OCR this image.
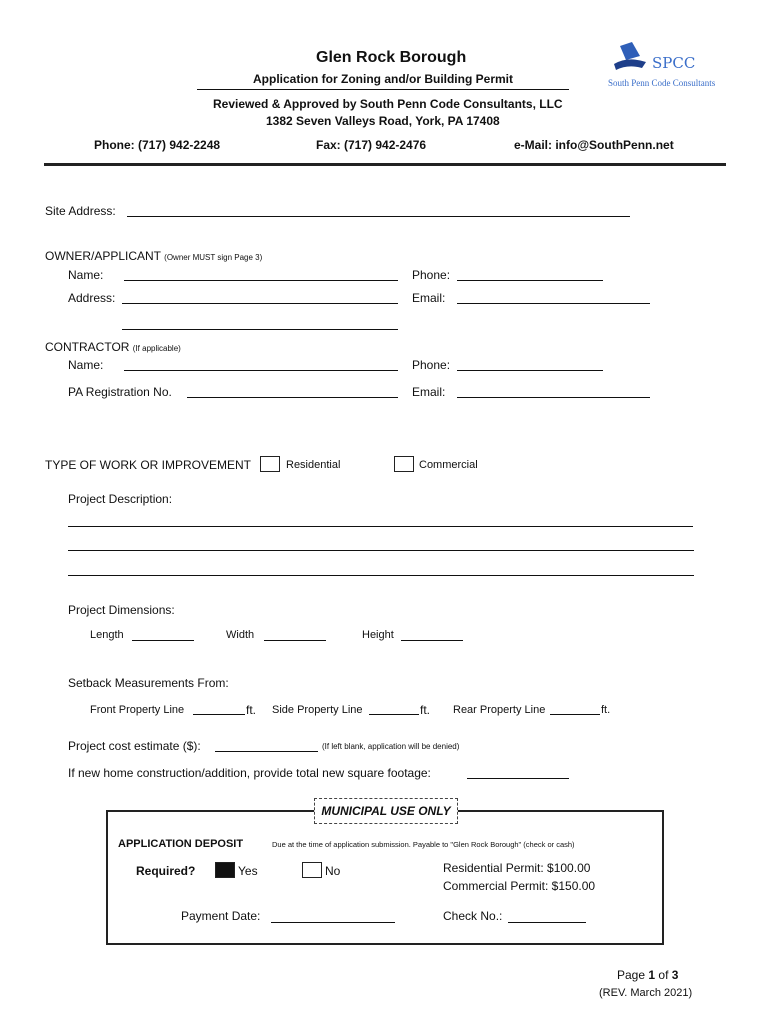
Glen Rock Borough
Application for Zoning and/or Building Permit
Reviewed & Approved by South Penn Code Consultants, LLC
1382 Seven Valleys Road, York, PA 17408
Phone: (717) 942-2248	Fax: (717) 942-2476	e-Mail: info@SouthPenn.net
SPCC
South Penn Code Consultants
Site Address:
OWNER/APPLICANT (Owner MUST sign Page 3)
Name:	Phone:
Address:	Email:
CONTRACTOR (If applicable)
Name:	Phone:
PA Registration No.	Email:
TYPE OF WORK OR IMPROVEMENT	Residential	Commercial
Project Description:
Project Dimensions:
Length	Width	Height
Setback Measurements From:
Front Property Line	ft. Side Property Line	ft. Rear Property Line	ft.
Project cost estimate ($):	(If left blank, application will be denied)
If new home construction/addition, provide total new square footage:
MUNICIPAL USE ONLY
APPLICATION DEPOSIT	Due at the time of application submission. Payable to "Glen Rock Borough" (check or cash)
Required?	Yes	No	Residential Permit: $100.00
Commercial Permit: $150.00
Payment Date:	Check No.:
Page 1 of 3
(REV. March 2021)
